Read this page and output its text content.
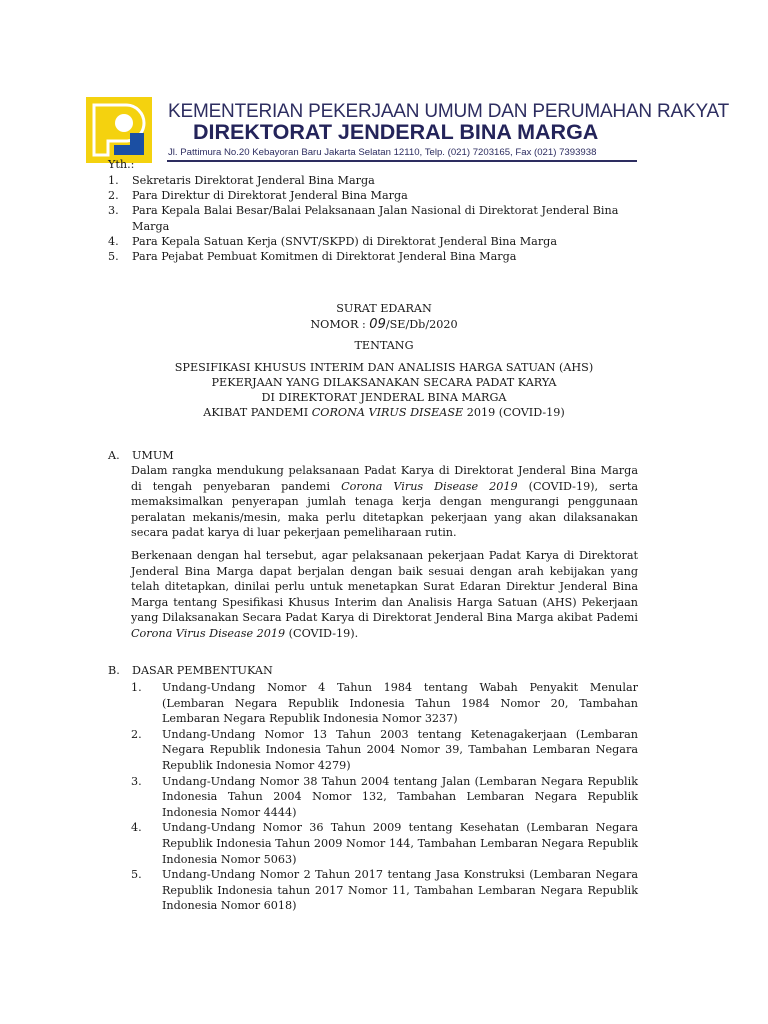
KEMENTERIAN PEKERJAAN UMUM DAN PERUMAHAN RAKYAT
DIREKTORAT JENDERAL BINA MARGA
Jl. Pattimura No.20 Kebayoran Baru Jakarta Selatan 12110, Telp. (021) 7203165, Fax (021) 7393938
Yth.:
1. Sekretaris Direktorat Jenderal Bina Marga
2. Para Direktur di Direktorat Jenderal Bina Marga
3. Para Kepala Balai Besar/Balai Pelaksanaan Jalan Nasional di Direktorat Jenderal Bina Marga
4. Para Kepala Satuan Kerja (SNVT/SKPD) di Direktorat Jenderal Bina Marga
5. Para Pejabat Pembuat Komitmen di Direktorat Jenderal Bina Marga
SURAT EDARAN
NOMOR : 09/SE/Db/2020
TENTANG
SPESIFIKASI KHUSUS INTERIM DAN ANALISIS HARGA SATUAN (AHS)
PEKERJAAN YANG DILAKSANAKAN SECARA PADAT KARYA
DI DIREKTORAT JENDERAL BINA MARGA
AKIBAT PANDEMI CORONA VIRUS DISEASE 2019 (COVID-19)
A. UMUM
Dalam rangka mendukung pelaksanaan Padat Karya di Direktorat Jenderal Bina Marga di tengah penyebaran pandemi Corona Virus Disease 2019 (COVID-19), serta memaksimalkan penyerapan jumlah tenaga kerja dengan mengurangi penggunaan peralatan mekanis/mesin, maka perlu ditetapkan pekerjaan yang akan dilaksanakan secara padat karya di luar pekerjaan pemeliharaan rutin.
Berkenaan dengan hal tersebut, agar pelaksanaan pekerjaan Padat Karya di Direktorat Jenderal Bina Marga dapat berjalan dengan baik sesuai dengan arah kebijakan yang telah ditetapkan, dinilai perlu untuk menetapkan Surat Edaran Direktur Jenderal Bina Marga tentang Spesifikasi Khusus Interim dan Analisis Harga Satuan (AHS) Pekerjaan yang Dilaksanakan Secara Padat Karya di Direktorat Jenderal Bina Marga akibat Pademi Corona Virus Disease 2019 (COVID-19).
B. DASAR PEMBENTUKAN
1. Undang-Undang Nomor 4 Tahun 1984 tentang Wabah Penyakit Menular (Lembaran Negara Republik Indonesia Tahun 1984 Nomor 20, Tambahan Lembaran Negara Republik Indonesia Nomor 3237)
2. Undang-Undang Nomor 13 Tahun 2003 tentang Ketenagakerjaan (Lembaran Negara Republik Indonesia Tahun 2004 Nomor 39, Tambahan Lembaran Negara Republik Indonesia Nomor 4279)
3. Undang-Undang Nomor 38 Tahun 2004 tentang Jalan (Lembaran Negara Republik Indonesia Tahun 2004 Nomor 132, Tambahan Lembaran Negara Republik Indonesia Nomor 4444)
4. Undang-Undang Nomor 36 Tahun 2009 tentang Kesehatan (Lembaran Negara Republik Indonesia Tahun 2009 Nomor 144, Tambahan Lembaran Negara Republik Indonesia Nomor 5063)
5. Undang-Undang Nomor 2 Tahun 2017 tentang Jasa Konstruksi (Lembaran Negara Republik Indonesia tahun 2017 Nomor 11, Tambahan Lembaran Negara Republik Indonesia Nomor 6018)
